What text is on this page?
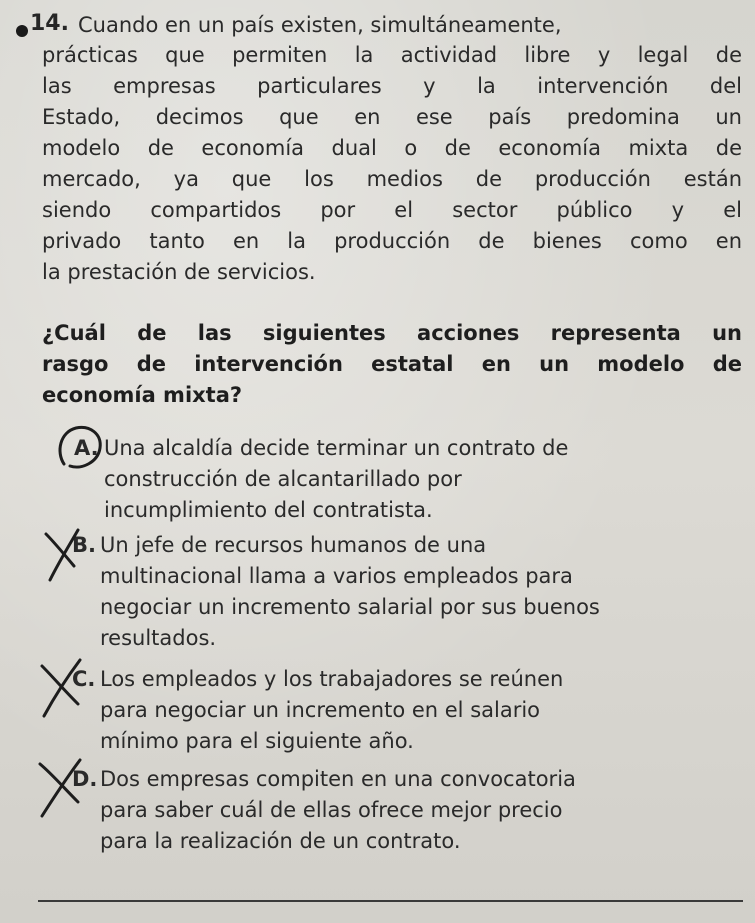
14. Cuando en un país existen, simultáneamente,
prácticas que permiten la actividad libre y legal de
las empresas particulares y la intervención del
Estado, decimos que en ese país predomina un
modelo de economía dual o de economía mixta de
mercado, ya que los medios de producción están
siendo compartidos por el sector público y el
privado tanto en la producción de bienes como en
la prestación de servicios.
¿Cuál de las siguientes acciones representa un
rasgo de intervención estatal en un modelo de
economía mixta?
A. Una alcaldía decide terminar un contrato de
construcción de alcantarillado por
incumplimiento del contratista.
B. Un jefe de recursos humanos de una
multinacional llama a varios empleados para
negociar un incremento salarial por sus buenos
resultados.
C. Los empleados y los trabajadores se reúnen
para negociar un incremento en el salario
mínimo para el siguiente año.
D. Dos empresas compiten en una convocatoria
para saber cuál de ellas ofrece mejor precio
para la realización de un contrato.
